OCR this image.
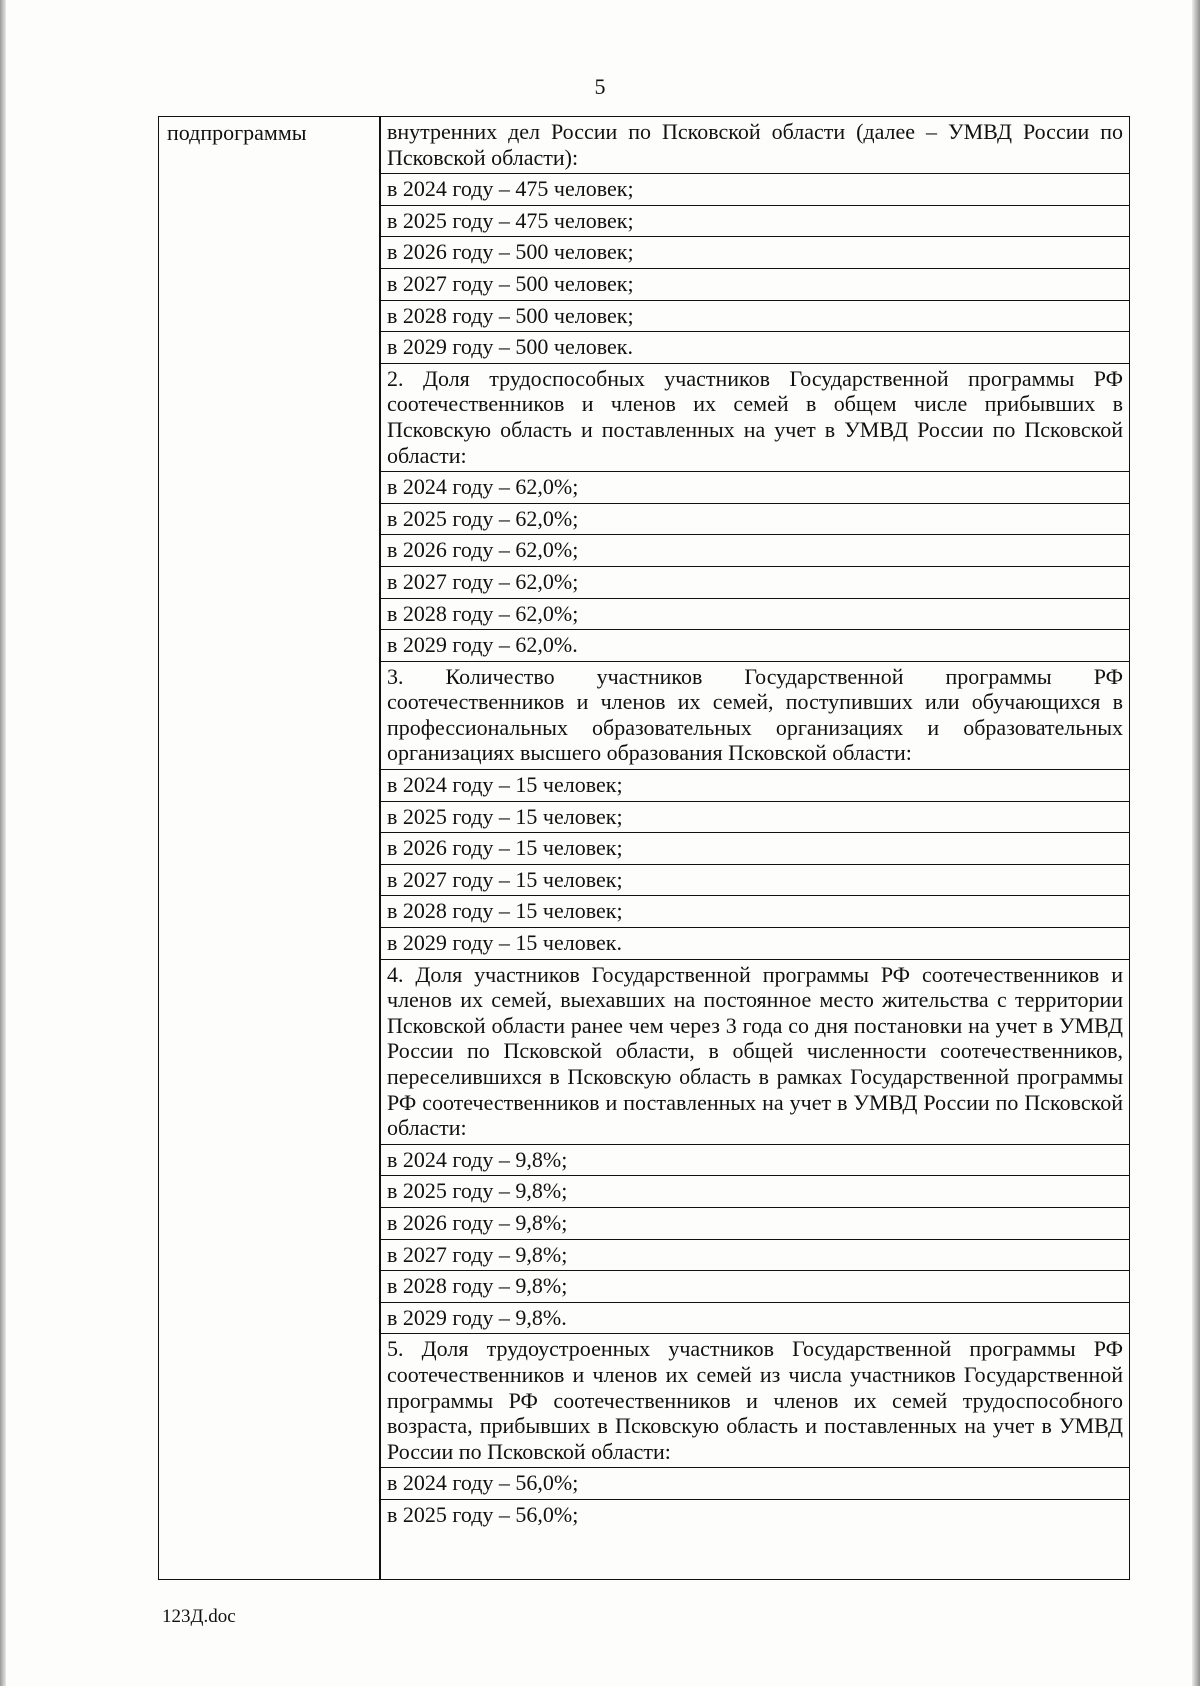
5
подпрограммы	внутренних дел России по Псковской области (далее – УМВД России по Псковской области):
в 2024 году – 475 человек;
в 2025 году – 475 человек;
в 2026 году – 500 человек;
в 2027 году – 500 человек;
в 2028 году – 500 человек;
в 2029 году – 500 человек.
2. Доля трудоспособных участников Государственной программы РФ соотечественников и членов их семей в общем числе прибывших в Псковскую область и поставленных на учет в УМВД России по Псковской области:
в 2024 году – 62,0%;
в 2025 году – 62,0%;
в 2026 году – 62,0%;
в 2027 году – 62,0%;
в 2028 году – 62,0%;
в 2029 году – 62,0%.
3. Количество участников Государственной программы РФ соотечественников и членов их семей, поступивших или обучающихся в профессиональных образовательных организациях и образовательных организациях высшего образования Псковской области:
в 2024 году – 15 человек;
в 2025 году – 15 человек;
в 2026 году – 15 человек;
в 2027 году – 15 человек;
в 2028 году – 15 человек;
в 2029 году – 15 человек.
4. Доля участников Государственной программы РФ соотечественников и членов их семей, выехавших на постоянное место жительства с территории Псковской области ранее чем через 3 года со дня постановки на учет в УМВД России по Псковской области, в общей численности соотечественников, переселившихся в Псковскую область в рамках Государственной программы РФ соотечественников и поставленных на учет в УМВД России по Псковской области:
в 2024 году – 9,8%;
в 2025 году – 9,8%;
в 2026 году – 9,8%;
в 2027 году – 9,8%;
в 2028 году – 9,8%;
в 2029 году – 9,8%.
5. Доля трудоустроенных участников Государственной программы РФ соотечественников и членов их семей из числа участников Государственной программы РФ соотечественников и членов их семей трудоспособного возраста, прибывших в Псковскую область и поставленных на учет в УМВД России по Псковской области:
в 2024 году – 56,0%;
в 2025 году – 56,0%;
123Д.doc
